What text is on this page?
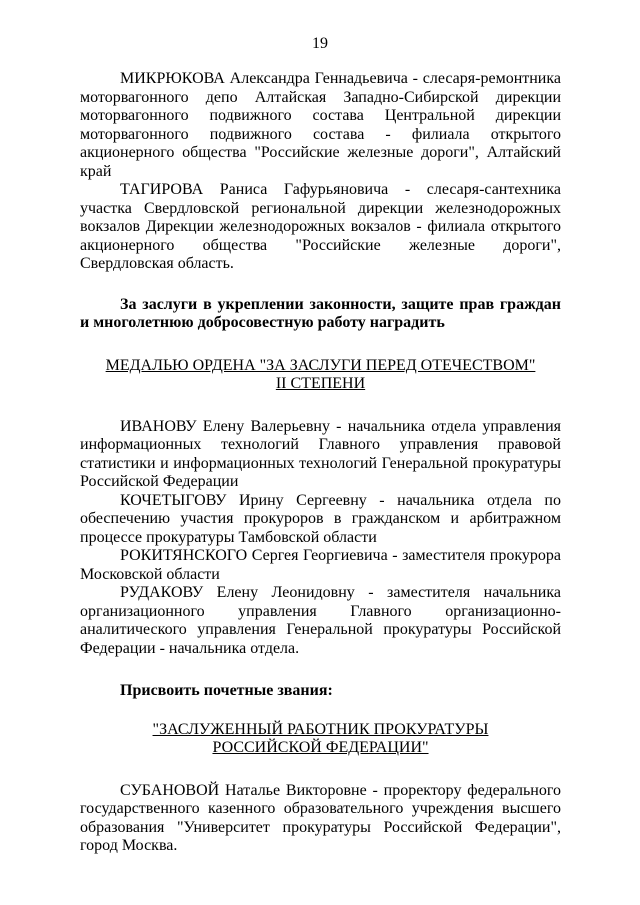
19

МИКРЮКОВА Александра Геннадьевича - слесаря-ремонтника моторвагонного депо Алтайская Западно-Сибирской дирекции моторвагонного подвижного состава Центральной дирекции моторвагонного подвижного состава - филиала открытого акционерного общества "Российские железные дороги", Алтайский край

ТАГИРОВА Раниса Гафурьяновича - слесаря-сантехника участка Свердловской региональной дирекции железнодорожных вокзалов Дирекции железнодорожных вокзалов - филиала открытого акционерного общества "Российские железные дороги", Свердловская область.

За заслуги в укреплении законности, защите прав граждан и многолетнюю добросовестную работу наградить

МЕДАЛЬЮ ОРДЕНА "ЗА ЗАСЛУГИ ПЕРЕД ОТЕЧЕСТВОМ"
II СТЕПЕНИ

ИВАНОВУ Елену Валерьевну - начальника отдела управления информационных технологий Главного управления правовой статистики и информационных технологий Генеральной прокуратуры Российской Федерации

КОЧЕТЫГОВУ Ирину Сергеевну - начальника отдела по обеспечению участия прокуроров в гражданском и арбитражном процессе прокуратуры Тамбовской области

РОКИТЯНСКОГО Сергея Георгиевича - заместителя прокурора Московской области

РУДАКОВУ Елену Леонидовну - заместителя начальника организационного управления Главного организационно-аналитического управления Генеральной прокуратуры Российской Федерации - начальника отдела.

Присвоить почетные звания:

"ЗАСЛУЖЕННЫЙ РАБОТНИК ПРОКУРАТУРЫ
РОССИЙСКОЙ ФЕДЕРАЦИИ"

СУБАНОВОЙ Наталье Викторовне - проректору федерального государственного казенного образовательного учреждения высшего образования "Университет прокуратуры Российской Федерации", город Москва.
